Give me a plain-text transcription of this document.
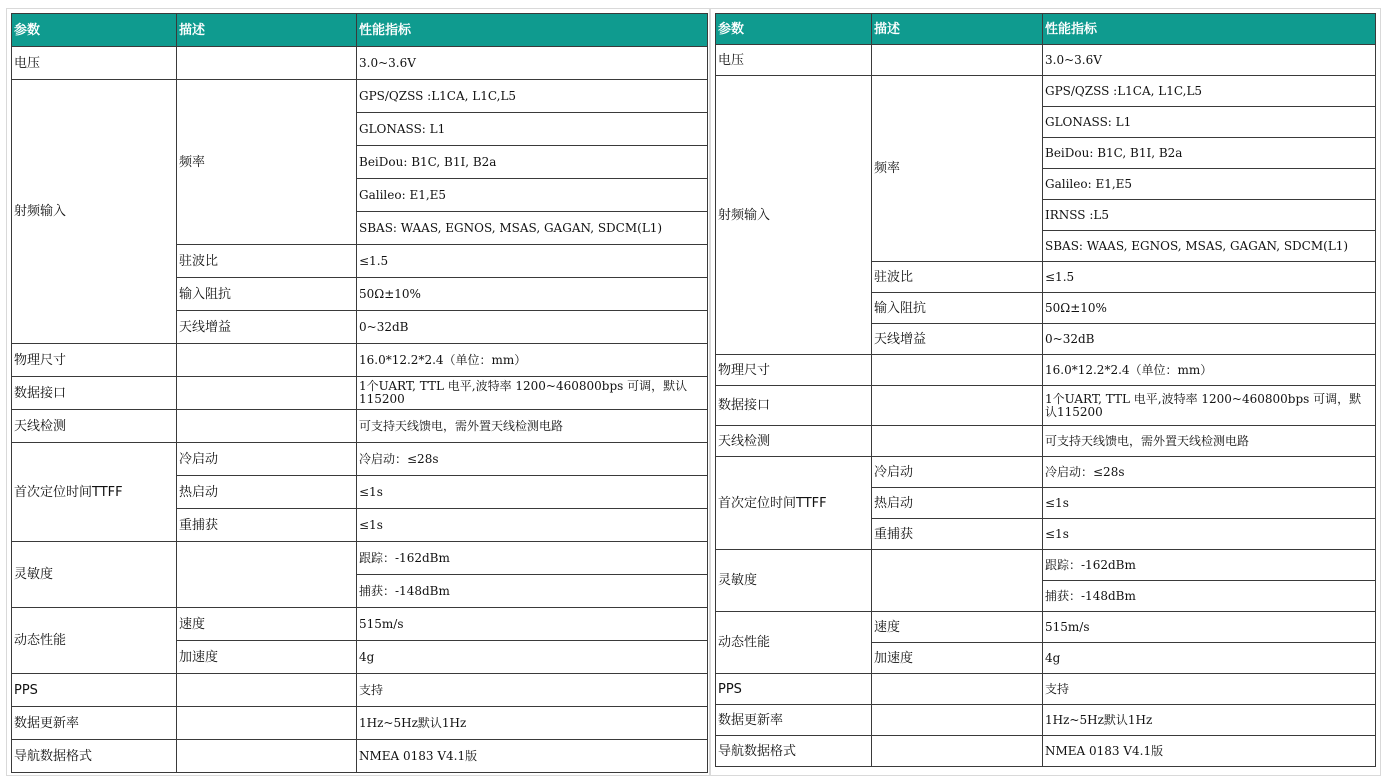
参数	描述	性能指标
电压		3.0~3.6V
射频输入	频率	GPS/QZSS :L1CA, L1C,L5
		GLONASS: L1
		BeiDou: B1C, B1I, B2a
		Galileo: E1,E5
		SBAS: WAAS, EGNOS, MSAS, GAGAN, SDCM(L1)
	驻波比	≤1.5
	输入阻抗	50Ω±10%
	天线增益	0~32dB
物理尺寸		16.0*12.2*2.4（单位：mm）
数据接口		1个UART, TTL 电平,波特率 1200~460800bps 可调，默认115200
天线检测		可支持天线馈电，需外置天线检测电路
首次定位时间TTFF	冷启动	冷启动：≤28s
	热启动	≤1s
	重捕获	≤1s
灵敏度		跟踪：-162dBm
		捕获：-148dBm
动态性能	速度	515m/s
	加速度	4g
PPS		支持
数据更新率		1Hz~5Hz默认1Hz
导航数据格式		NMEA 0183 V4.1版
参数	描述	性能指标
电压		3.0~3.6V
射频输入	频率	GPS/QZSS :L1CA, L1C,L5
		GLONASS: L1
		BeiDou: B1C, B1I, B2a
		Galileo: E1,E5
		IRNSS :L5
		SBAS: WAAS, EGNOS, MSAS, GAGAN, SDCM(L1)
	驻波比	≤1.5
	输入阻抗	50Ω±10%
	天线增益	0~32dB
物理尺寸		16.0*12.2*2.4（单位：mm）
数据接口		1个UART, TTL 电平,波特率 1200~460800bps 可调，默认115200
天线检测		可支持天线馈电，需外置天线检测电路
首次定位时间TTFF	冷启动	冷启动：≤28s
	热启动	≤1s
	重捕获	≤1s
灵敏度		跟踪：-162dBm
		捕获：-148dBm
动态性能	速度	515m/s
	加速度	4g
PPS		支持
数据更新率		1Hz~5Hz默认1Hz
导航数据格式		NMEA 0183 V4.1版
